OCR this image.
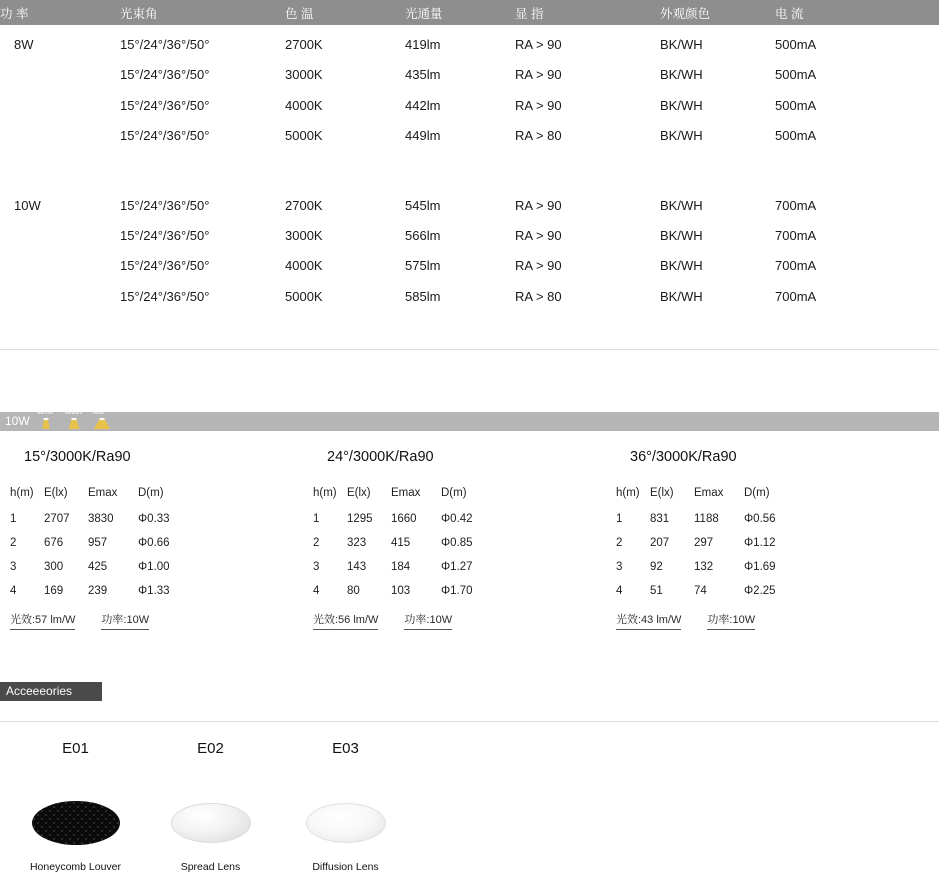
功 率	光束角	色 温	光通量	显 指	外观颜色	电 流
8W	15°/24°/36°/50°	2700K	419lm	RA > 90	BK/WH	500mA
15°/24°/36°/50°	3000K	435lm	RA > 90	BK/WH	500mA
15°/24°/36°/50°	4000K	442lm	RA > 90	BK/WH	500mA
15°/24°/36°/50°	5000K	449lm	RA > 80	BK/WH	500mA
10W	15°/24°/36°/50°	2700K	545lm	RA > 90	BK/WH	700mA
15°/24°/36°/50°	3000K	566lm	RA > 90	BK/WH	700mA
15°/24°/36°/50°	4000K	575lm	RA > 90	BK/WH	700mA
15°/24°/36°/50°	5000K	585lm	RA > 80	BK/WH	700mA
10W
Narrow	Medium Wide
15°/3000K/Ra90
h(m)	E(lx)	Emax	D(m)
1	2707	3830	Φ0.33
2	676	957	Φ0.66
3	300	425	Φ1.00
4	169	239	Φ1.33
光效:57 lm/W 功率:10W
24°/3000K/Ra90
h(m)	E(lx)	Emax	D(m)
1	1295	1660	Φ0.42
2	323	415	Φ0.85
3	143	184	Φ1.27
4	80	103	Φ1.70
光效:56 lm/W 功率:10W
36°/3000K/Ra90
h(m)	E(lx)	Emax	D(m)
1	831	1188	Φ0.56
2	207	297	Φ1.12
3	92	132	Φ1.69
4	51	74	Φ2.25
光效:43 lm/W 功率:10W
Acceeeories
E01
Honeycomb Louver
E02
Spread Lens
E03
Diffusion Lens
